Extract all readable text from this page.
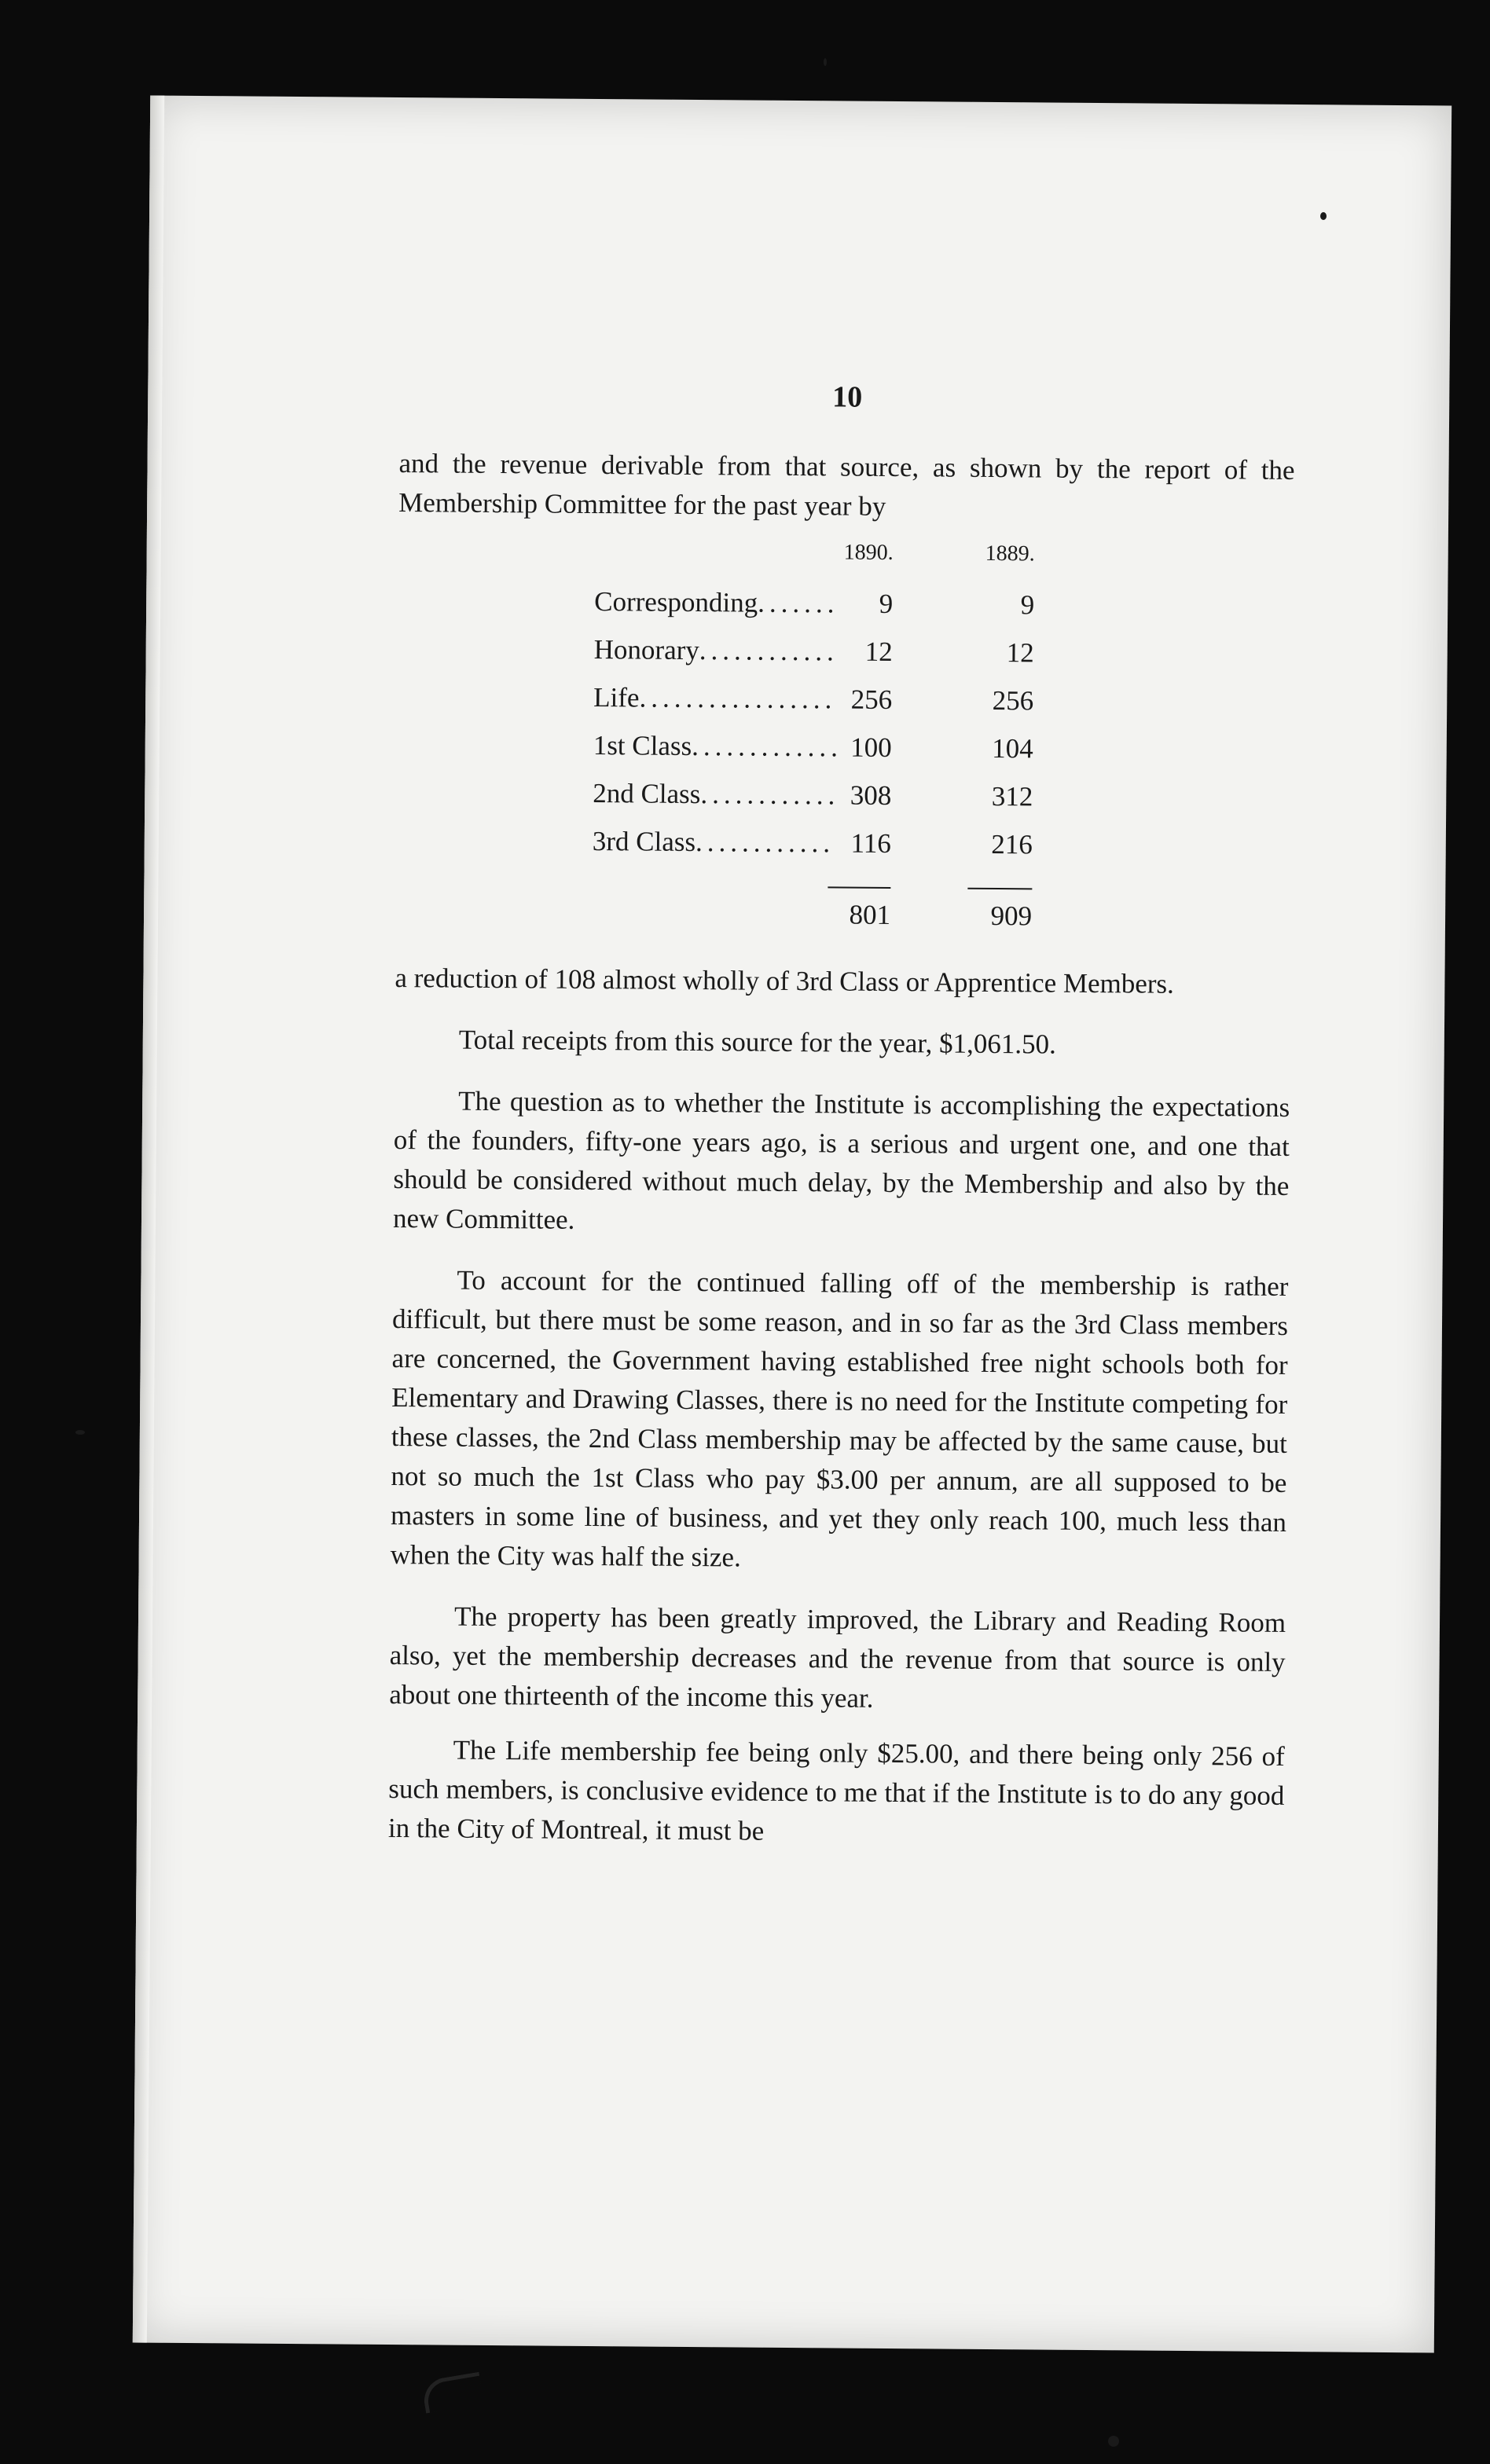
10

and the revenue derivable from that source, as shown by the report of the Membership Committee for the past year by

1890.	1889.
Corresponding .....	9	9
Honorary .....	12	12
Life .....	256	256
1st Class .....	100	104
2nd Class .....	308	312
3rd Class .....	116	216
801	909

a reduction of 108 almost wholly of 3rd Class or Apprentice Members.

Total receipts from this source for the year, $1,061.50.

The question as to whether the Institute is accomplishing the expectations of the founders, fifty-one years ago, is a serious and urgent one, and one that should be considered without much delay, by the Membership and also by the new Committee.

To account for the continued falling off of the membership is rather difficult, but there must be some reason, and in so far as the 3rd Class members are concerned, the Government having established free night schools both for Elementary and Drawing Classes, there is no need for the Institute competing for these classes, the 2nd Class membership may be affected by the same cause, but not so much the 1st Class who pay $3.00 per annum, are all supposed to be masters in some line of business, and yet they only reach 100, much less than when the City was half the size.

The property has been greatly improved, the Library and Reading Room also, yet the membership decreases and the revenue from that source is only about one thirteenth of the income this year.

The Life membership fee being only $25.00, and there being only 256 of such members, is conclusive evidence to me that if the Institute is to do any good in the City of Montreal, it must be
